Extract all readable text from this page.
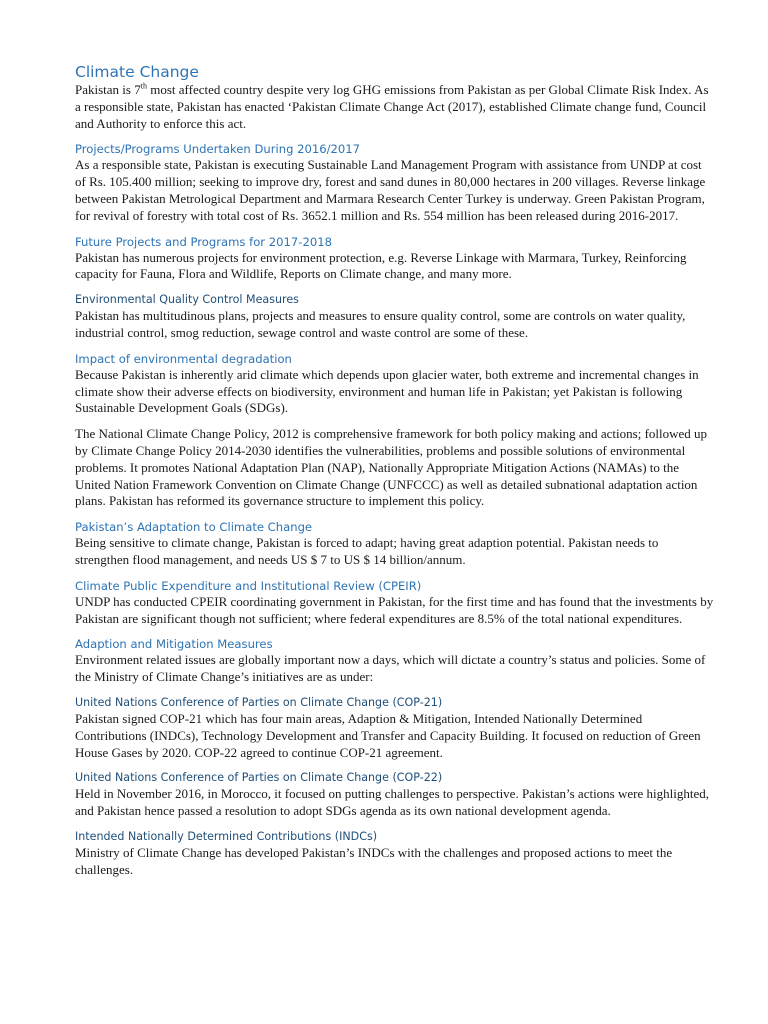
Climate Change

Pakistan is 7th most affected country despite very log GHG emissions from Pakistan as per Global Climate Risk Index. As a responsible state, Pakistan has enacted ‘Pakistan Climate Change Act (2017), established Climate change fund, Council and Authority to enforce this act.

Projects/Programs Undertaken During 2016/2017

As a responsible state, Pakistan is executing Sustainable Land Management Program with assistance from UNDP at cost of Rs. 105.400 million; seeking to improve dry, forest and sand dunes in 80,000 hectares in 200 villages. Reverse linkage between Pakistan Metrological Department and Marmara Research Center Turkey is underway. Green Pakistan Program, for revival of forestry with total cost of Rs. 3652.1 million and Rs. 554 million has been released during 2016-2017.

Future Projects and Programs for 2017-2018

Pakistan has numerous projects for environment protection, e.g. Reverse Linkage with Marmara, Turkey, Reinforcing capacity for Fauna, Flora and Wildlife, Reports on Climate change, and many more.

Environmental Quality Control Measures

Pakistan has multitudinous plans, projects and measures to ensure quality control, some are controls on water quality, industrial control, smog reduction, sewage control and waste control are some of these.

Impact of environmental degradation

Because Pakistan is inherently arid climate which depends upon glacier water, both extreme and incremental changes in climate show their adverse effects on biodiversity, environment and human life in Pakistan; yet Pakistan is following Sustainable Development Goals (SDGs).

The National Climate Change Policy, 2012 is comprehensive framework for both policy making and actions; followed up by Climate Change Policy 2014-2030 identifies the vulnerabilities, problems and possible solutions of environmental problems. It promotes National Adaptation Plan (NAP), Nationally Appropriate Mitigation Actions (NAMAs) to the United Nation Framework Convention on Climate Change (UNFCCC) as well as detailed subnational adaptation action plans. Pakistan has reformed its governance structure to implement this policy.

Pakistan’s Adaptation to Climate Change

Being sensitive to climate change, Pakistan is forced to adapt; having great adaption potential. Pakistan needs to strengthen flood management, and needs US $ 7 to US $ 14 billion/annum.

Climate Public Expenditure and Institutional Review (CPEIR)

UNDP has conducted CPEIR coordinating government in Pakistan, for the first time and has found that the investments by Pakistan are significant though not sufficient; where federal expenditures are 8.5% of the total national expenditures.

Adaption and Mitigation Measures

Environment related issues are globally important now a days, which will dictate a country’s status and policies. Some of the Ministry of Climate Change’s initiatives are as under:

United Nations Conference of Parties on Climate Change (COP-21)

Pakistan signed COP-21 which has four main areas, Adaption & Mitigation, Intended Nationally Determined Contributions (INDCs), Technology Development and Transfer and Capacity Building. It focused on reduction of Green House Gases by 2020. COP-22 agreed to continue COP-21 agreement.

United Nations Conference of Parties on Climate Change (COP-22)

Held in November 2016, in Morocco, it focused on putting challenges to perspective. Pakistan’s actions were highlighted, and Pakistan hence passed a resolution to adopt SDGs agenda as its own national development agenda.

Intended Nationally Determined Contributions (INDCs)

Ministry of Climate Change has developed Pakistan’s INDCs with the challenges and proposed actions to meet the challenges.
